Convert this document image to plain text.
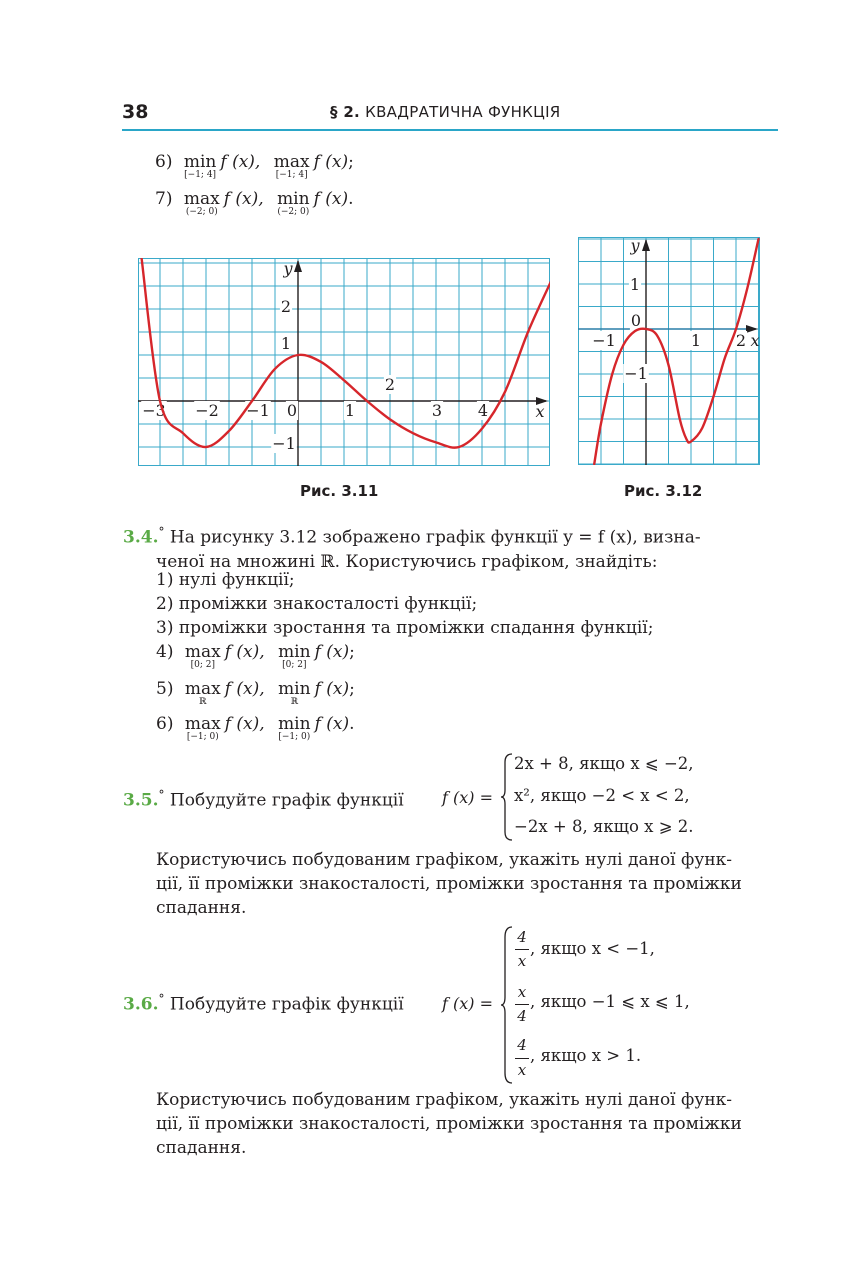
38	§ 2. КВАДРАТИЧНА ФУНКЦІЯ
6) min
[−1; 4]
f (x), max
[−1; 4]
f (x);
7) max
(−2; 0)
f (x), min
(−2; 0)
f (x).
x
y
−3 −2 −1 0	1	3 4
2
1
2
−1
Рис. 3.11
x
y
−1	1 2
0
1
−1
Рис. 3.12
3.4.° На рисунку 3.12 зображено графік функції y = f (x), визна-
ченої на множині ℝ. Користуючись графіком, знайдіть:
1) нулі функції;
2) проміжки знакосталості функції;
3) проміжки зростання та проміжки спадання функції;
4) max
[0; 2]
f (x), min
[0; 2]
f (x);
5) max
ℝ
f (x), min
ℝ
f (x);
6) max
[−1; 0)
f (x), min
[−1; 0)
f (x).
3.5.° Побудуйте графік функції f (x) =
2x + 8, якщо x ⩽ −2,
x², якщо −2 < x < 2,
−2x + 8, якщо x ⩾ 2.
Користуючись побудованим графіком, укажіть нулі даної функ-
ції, її проміжки знакосталості, проміжки зростання та проміжки
спадання.
3.6.° Побудуйте графік функції f (x) =
4
x
, якщо x < −1,
x
4
, якщо −1 ⩽ x ⩽ 1,
4
x
, якщо x > 1.
Користуючись побудованим графіком, укажіть нулі даної функ-
ції, її проміжки знакосталості, проміжки зростання та проміжки
спадання.
